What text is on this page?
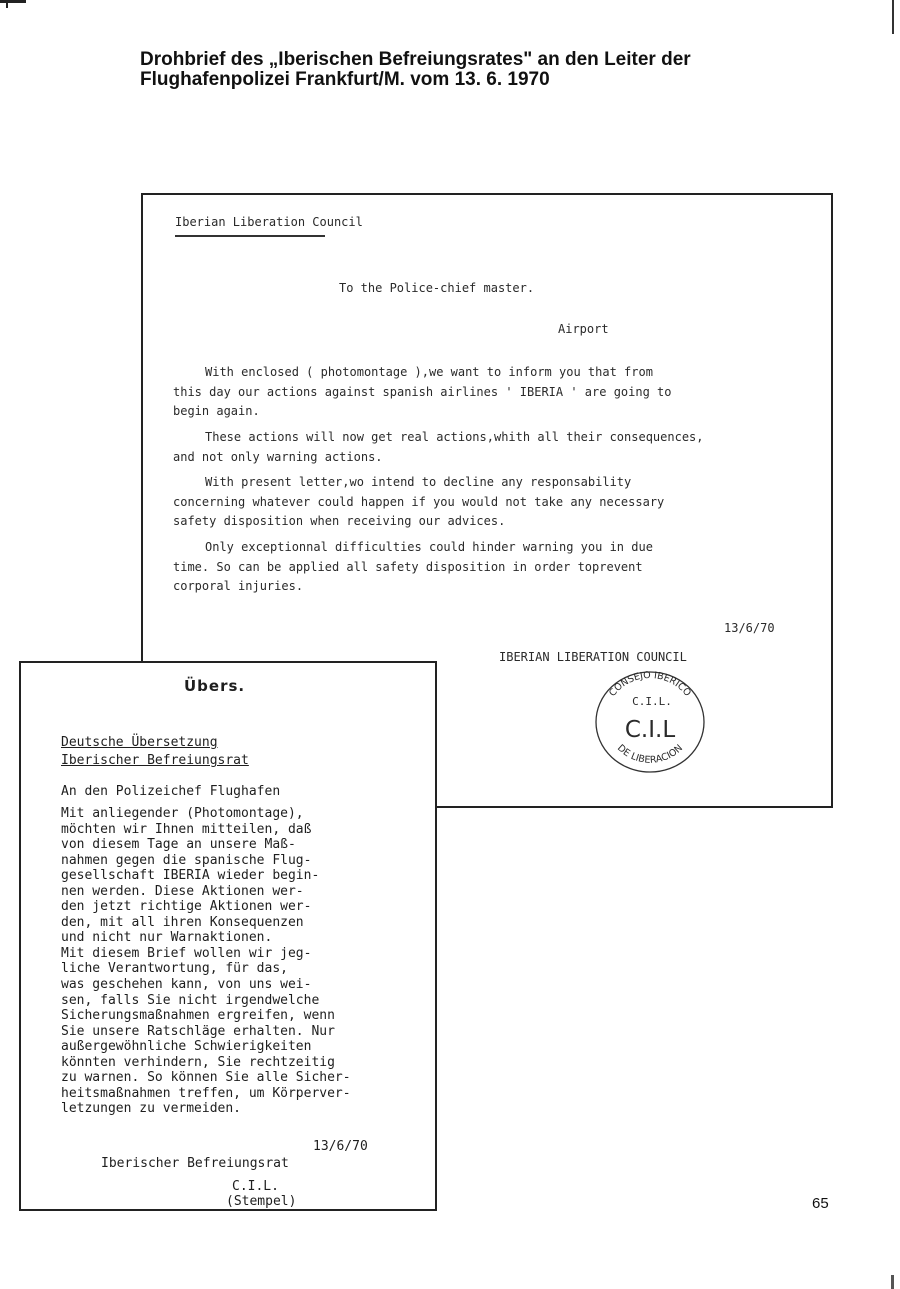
Drohbrief des „Iberischen Befreiungsrates" an den Leiter der
Flughafenpolizei Frankfurt/M. vom 13. 6. 1970
Iberian Liberation Council
To the Police-chief master.
Airport

With enclosed ( photomontage ),we want to inform you that from
this day our actions against spanish airlines ' IBERIA ' are going to
begin again.

These actions will now get real actions,whith all their consequences,
and not only warning actions.

With present letter,wo intend to decline any responsability
concerning whatever could happen if you would not take any necessary
safety disposition when receiving our advices.

Only exceptionnal difficulties could hinder warning you in due
time. So can be applied all safety disposition in order toprevent
corporal injuries.

13/6/70
IBERIAN LIBERATION COUNCIL
CONSEJO IBERICO
DE LIBERACION
C.I.L.
C.I.L
Übers.
Deutsche Übersetzung
Iberischer Befreiungsrat
An den Polizeichef Flughafen

Mit anliegender (Photomontage),
möchten wir Ihnen mitteilen, daß
von diesem Tage an unsere Maß-
nahmen gegen die spanische Flug-
gesellschaft IBERIA wieder begin-
nen werden. Diese Aktionen wer-
den jetzt richtige Aktionen wer-
den, mit all ihren Konsequenzen
und nicht nur Warnaktionen.
Mit diesem Brief wollen wir jeg-
liche Verantwortung, für das,
was geschehen kann, von uns wei-
sen, falls Sie nicht irgendwelche
Sicherungsmaßnahmen ergreifen, wenn
Sie unsere Ratschläge erhalten. Nur
außergewöhnliche Schwierigkeiten
könnten verhindern, Sie rechtzeitig
zu warnen. So können Sie alle Sicher-
heitsmaßnahmen treffen, um Körperver-
letzungen zu vermeiden.

13/6/70
Iberischer Befreiungsrat
C.I.L.
(Stempel)	65
